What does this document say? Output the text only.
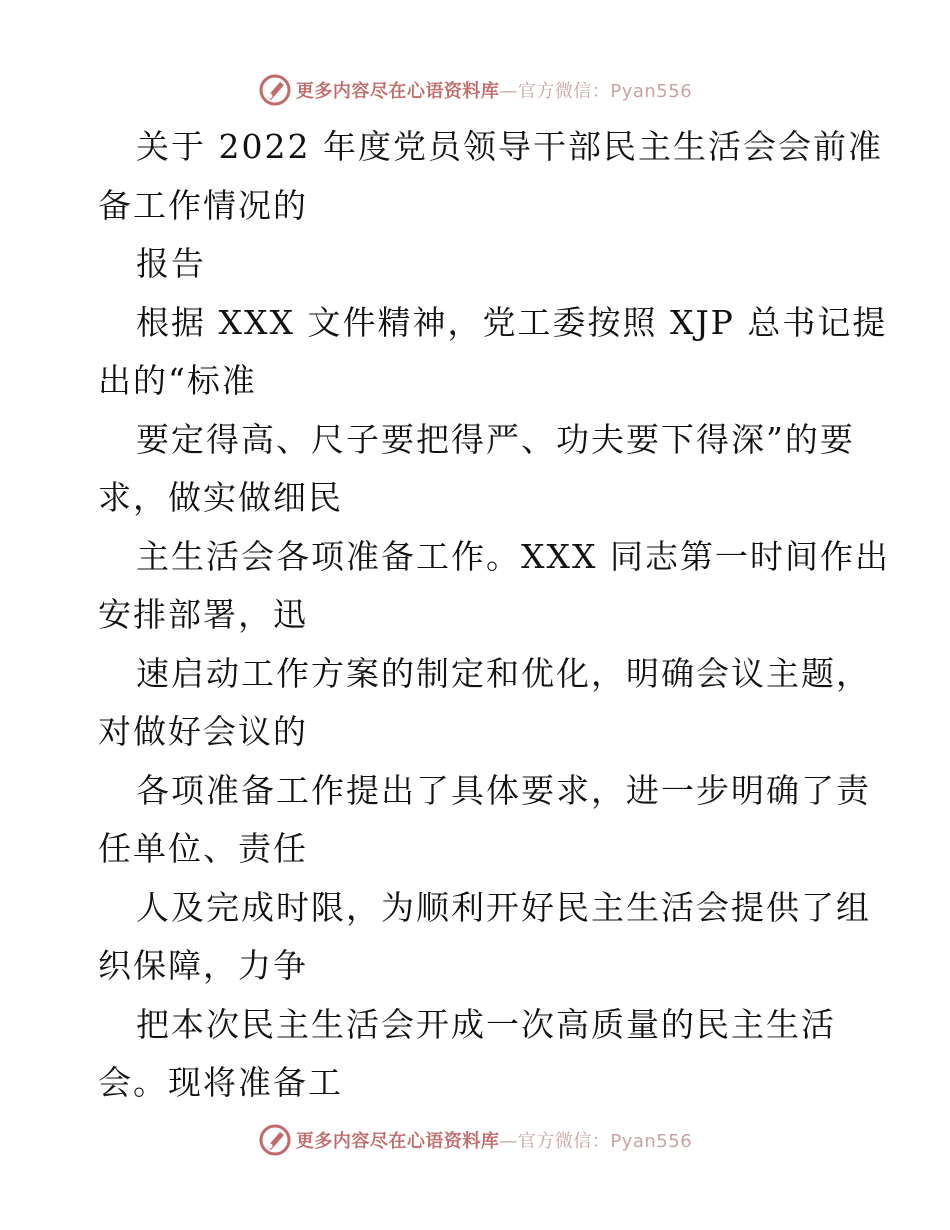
更多内容尽在心语资料库—官方微信：Pyan556
关于 2022 年度党员领导干部民主生活会会前准
备工作情况的
报告
根据 XXX 文件精神，党工委按照 XJP 总书记提
出的“标准
要定得高、尺子要把得严、功夫要下得深”的要
求，做实做细民
主生活会各项准备工作。XXX 同志第一时间作出
安排部署，迅
速启动工作方案的制定和优化，明确会议主题，
对做好会议的
各项准备工作提出了具体要求，进一步明确了责
任单位、责任
人及完成时限，为顺利开好民主生活会提供了组
织保障，力争
把本次民主生活会开成一次高质量的民主生活
会。现将准备工
更多内容尽在心语资料库—官方微信：Pyan556
